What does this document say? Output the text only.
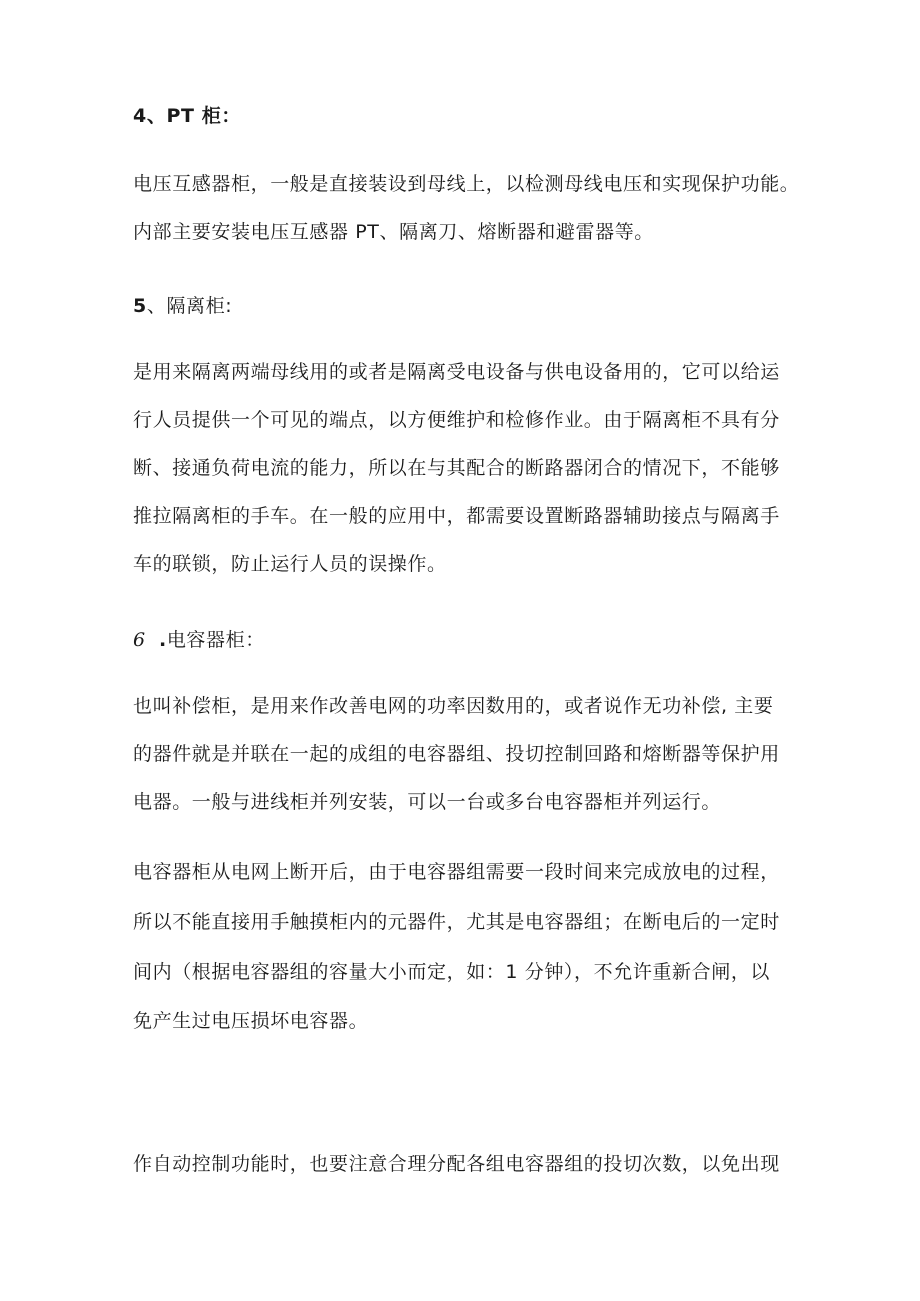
4、PT 柜：

电压互感器柜，一般是直接装设到母线上，以检测母线电压和实现保护功能。

内部主要安装电压互感器 PT、隔离刀、熔断器和避雷器等。

5、隔离柜:

是用来隔离两端母线用的或者是隔离受电设备与供电设备用的，它可以给运

行人员提供一个可见的端点，以方便维护和检修作业。由于隔离柜不具有分

断、接通负荷电流的能力，所以在与其配合的断路器闭合的情况下，不能够

推拉隔离柜的手车。在一般的应用中，都需要设置断路器辅助接点与隔离手

车的联锁，防止运行人员的误操作。

6 .电容器柜：

也叫补偿柜，是用来作改善电网的功率因数用的，或者说作无功补偿, 主要

的器件就是并联在一起的成组的电容器组、投切控制回路和熔断器等保护用

电器。一般与进线柜并列安装，可以一台或多台电容器柜并列运行。

电容器柜从电网上断开后，由于电容器组需要一段时间来完成放电的过程，

所以不能直接用手触摸柜内的元器件，尤其是电容器组；在断电后的一定时

间内（根据电容器组的容量大小而定，如：1 分钟），不允许重新合闸，以

免产生过电压损坏电容器。

作自动控制功能时，也要注意合理分配各组电容器组的投切次数，以免出现
